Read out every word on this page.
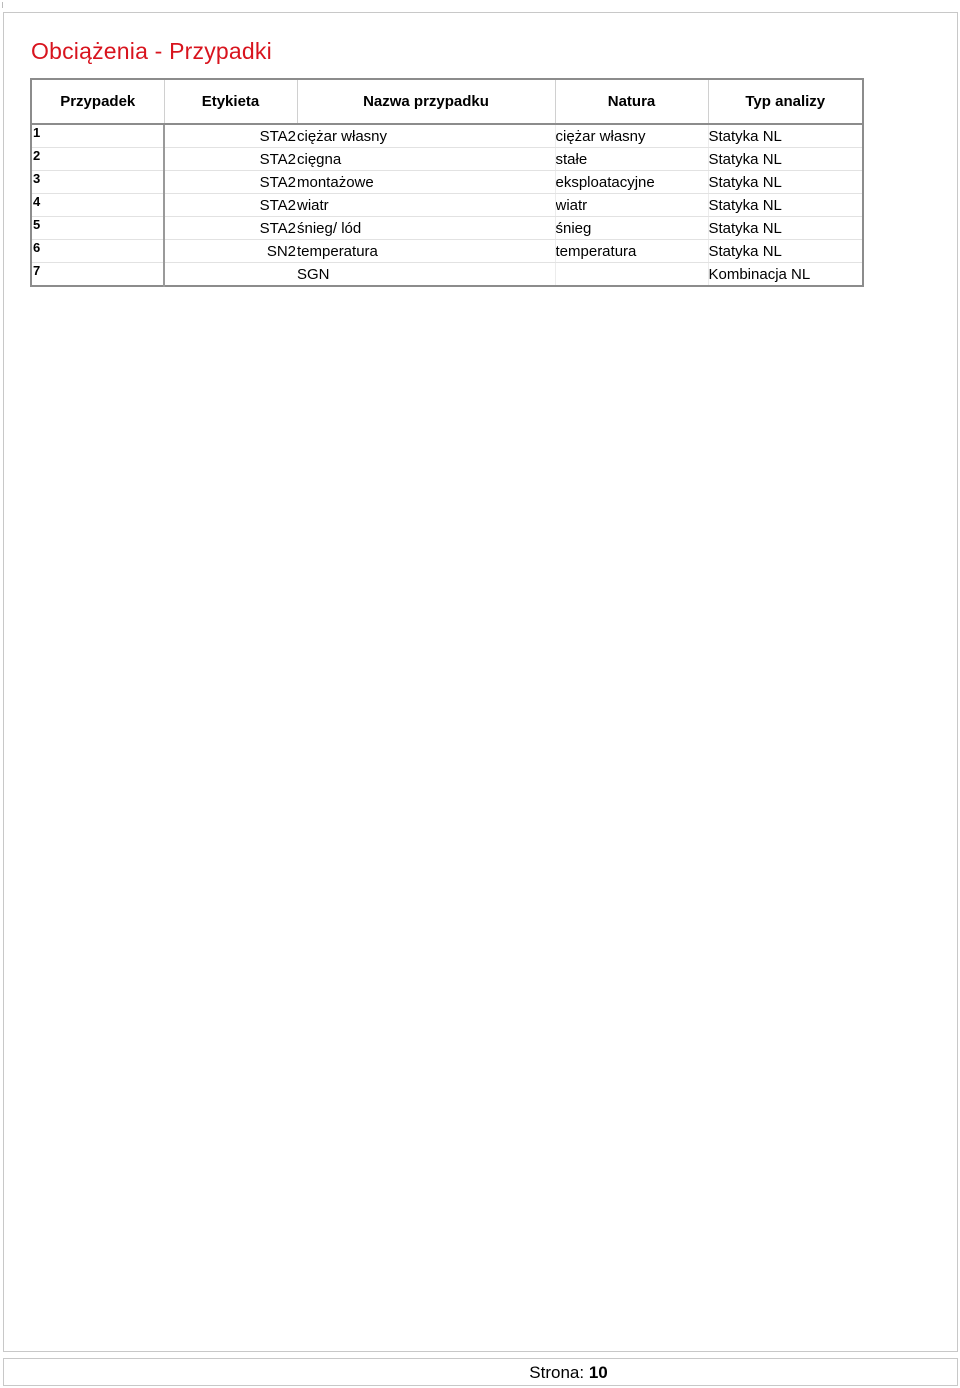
Obciążenia - Przypadki
Przypadek	Etykieta	Nazwa przypadku	Natura	Typ analizy
1	STA2	ciężar własny	ciężar własny	Statyka NL
2	STA2	cięgna	stałe	Statyka NL
3	STA2	montażowe	eksploatacyjne	Statyka NL
4	STA2	wiatr	wiatr	Statyka NL
5	STA2	śnieg/ lód	śnieg	Statyka NL
6	SN2	temperatura	temperatura	Statyka NL
7		SGN		Kombinacja NL
Strona: 10
